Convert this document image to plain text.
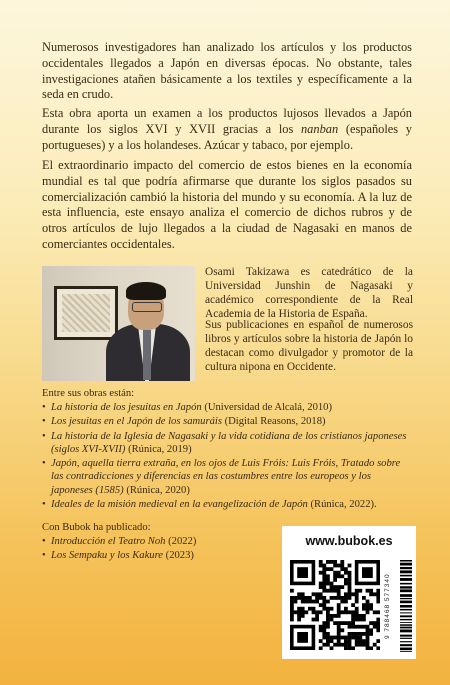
Numerosos investigadores han analizado los artículos y los productos occidentales llegados a Japón en diversas épocas. No obstante, tales investigaciones atañen básicamente a los textiles y específicamente a la seda en crudo.

Esta obra aporta un examen a los productos lujosos llevados a Japón durante los siglos XVI y XVII gracias a los nanban (españoles y portugueses) y a los holandeses. Azúcar y tabaco, por ejemplo.

El extraordinario impacto del comercio de estos bienes en la economía mundial es tal que podría afirmarse que durante los siglos pasados su comercialización cambió la historia del mundo y su economía. A la luz de esta influencia, este ensayo analiza el comercio de dichos rubros y de otros artículos de lujo llegados a la ciudad de Nagasaki en manos de comerciantes occidentales.

Osami Takizawa es catedrático de la Universidad Junshin de Nagasaki y académico correspondiente de la Real Academia de la Historia de España.

Sus publicaciones en español de numerosos libros y artículos sobre la historia de Japón lo destacan como divulgador y promotor de la cultura nipona en Occidente.

Entre sus obras están:

• La historia de los jesuitas en Japón (Universidad de Alcalá, 2010)
• Los jesuitas en el Japón de los samuráis (Digital Reasons, 2018)
• La historia de la Iglesia de Nagasaki y la vida cotidiana de los cristianos japoneses (siglos XVI-XVII) (Rúnica, 2019)
• Japón, aquella tierra extraña, en los ojos de Luis Fróis: Luis Fróis, Tratado sobre las contradicciones y diferencias en las costumbres entre los europeos y los japoneses (1585) (Rúnica, 2020)
• Ideales de la misión medieval en la evangelización de Japón (Rúnica, 2022).

Con Bubok ha publicado:

• Introducción el Teatro Noh (2022)
• Los Sempaku y los Kakure (2023)
www.bubok.es
9 788468 577340
